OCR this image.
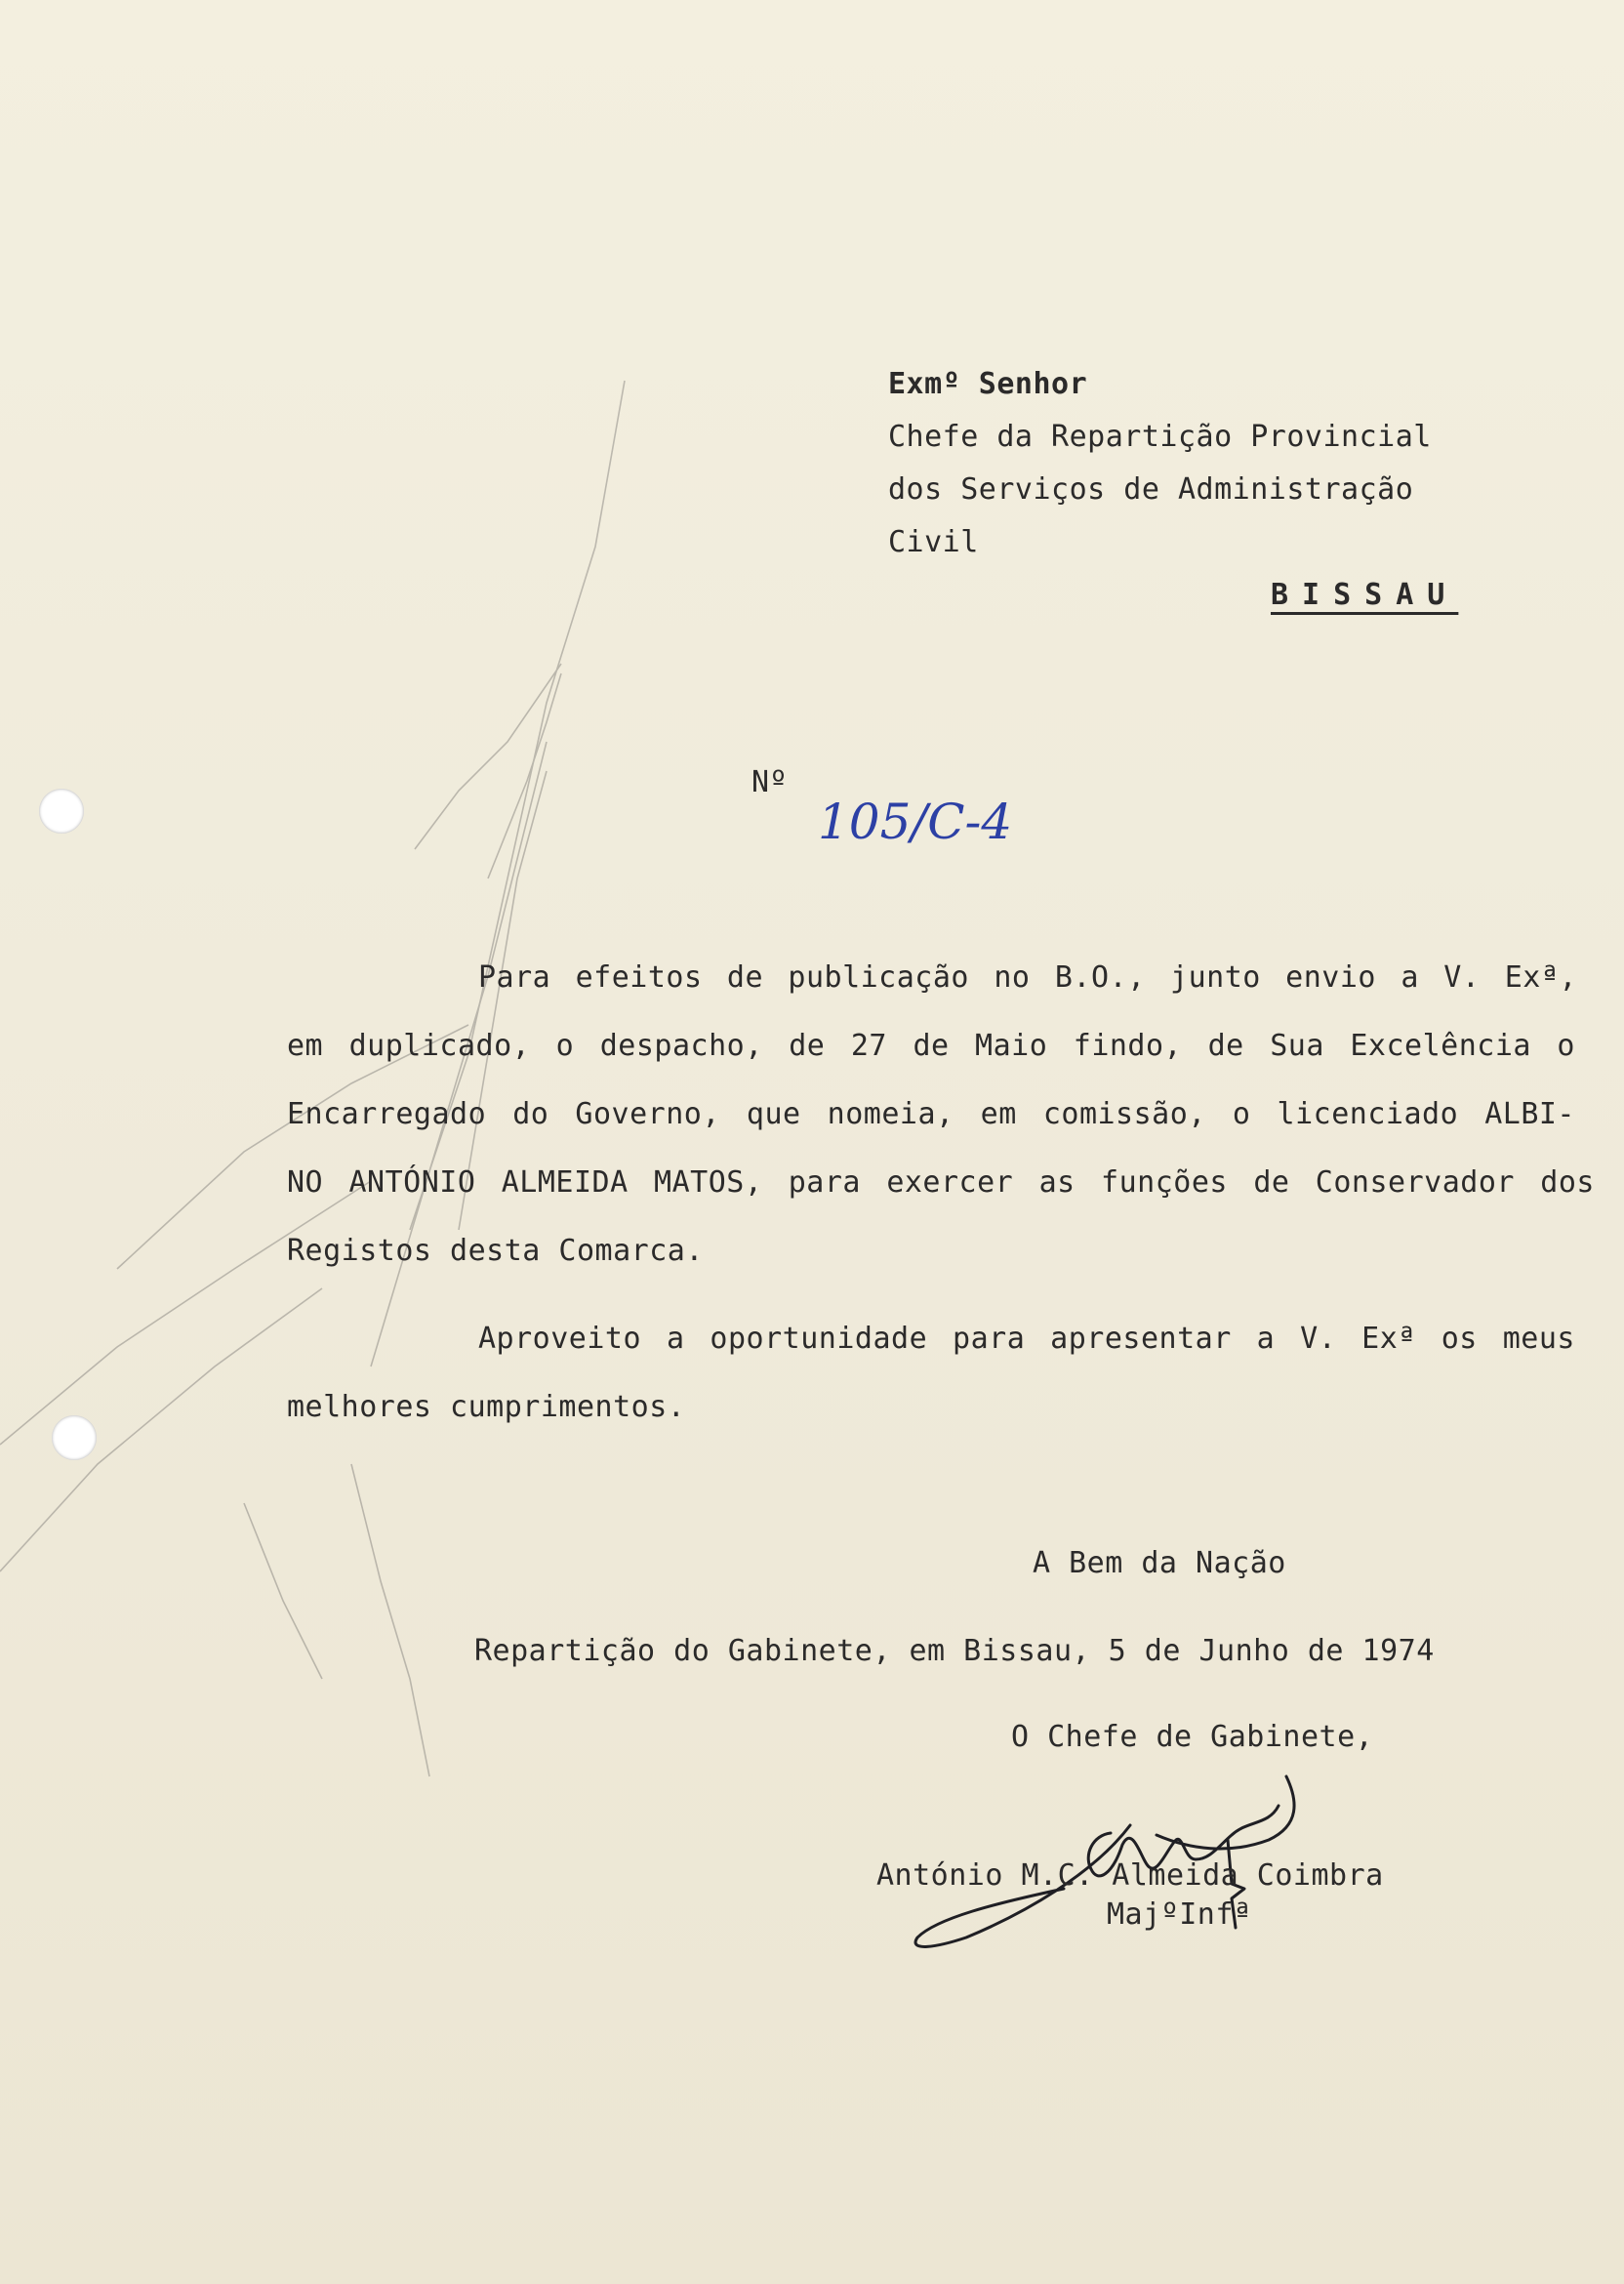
Exmº Senhor

Chefe da Repartição Provincial

dos Serviços de Administração

Civil

BISSAU

Nº

105/C-4

Para efeitos de publicação no B.O., junto envio a V. Exª,

em duplicado, o despacho, de 27 de Maio findo, de Sua Excelência o

Encarregado do Governo, que nomeia, em comissão, o licenciado ALBI-

NO ANTÓNIO ALMEIDA MATOS, para exercer as funções de Conservador dos

Registos desta Comarca.

Aproveito a oportunidade para apresentar a V. Exª os meus

melhores cumprimentos.

A Bem da Nação

Repartição do Gabinete, em Bissau, 5 de Junho de 1974

O Chefe de Gabinete,

António M.C. Almeida Coimbra

MajºInfª
